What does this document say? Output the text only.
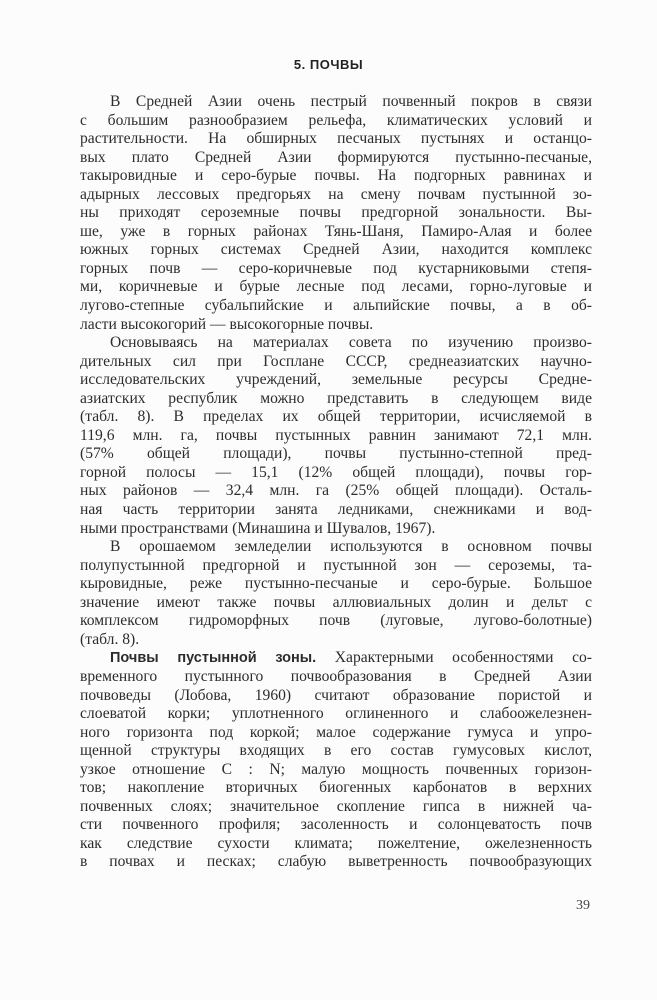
5. ПОЧВЫ
В Средней Азии очень пестрый почвенный покров в связи
с большим разнообразием рельефа, климатических условий и
растительности. На обширных песчаных пустынях и останцо-
вых плато Средней Азии формируются пустынно-песчаные,
такыровидные и серо-бурые почвы. На подгорных равнинах и
адырных лессовых предгорьях на смену почвам пустынной зо-
ны приходят сероземные почвы предгорной зональности. Вы-
ше, уже в горных районах Тянь-Шаня, Памиро-Алая и более
южных горных системах Средней Азии, находится комплекс
горных почв — серо-коричневые под кустарниковыми степя-
ми, коричневые и бурые лесные под лесами, горно-луговые и
лугово-степные субальпийские и альпийские почвы, а в об-
ласти высокогорий — высокогорные почвы.
Основываясь на материалах совета по изучению произво-
дительных сил при Госплане СССР, среднеазиатских научно-
исследовательских учреждений, земельные ресурсы Средне-
азиатских республик можно представить в следующем виде
(табл. 8). В пределах их общей территории, исчисляемой в
119,6 млн. га, почвы пустынных равнин занимают 72,1 млн.
(57% общей площади), почвы пустынно-степной пред-
горной полосы — 15,1 (12% общей площади), почвы гор-
ных районов — 32,4 млн. га (25% общей площади). Осталь-
ная часть территории занята ледниками, снежниками и вод-
ными пространствами (Минашина и Шувалов, 1967).
В орошаемом земледелии используются в основном почвы
полупустынной предгорной и пустынной зон — сероземы, та-
кыровидные, реже пустынно-песчаные и серо-бурые. Большое
значение имеют также почвы аллювиальных долин и дельт с
комплексом гидроморфных почв (луговые, лугово-болотные)
(табл. 8).
Почвы пустынной зоны. Характерными особенностями со-
временного пустынного почвообразования в Средней Азии
почвоведы (Лобова, 1960) считают образование пористой и
слоеватой корки; уплотненного оглиненного и слабоожелезнен-
ного горизонта под коркой; малое содержание гумуса и упро-
щенной структуры входящих в его состав гумусовых кислот,
узкое отношение C : N; малую мощность почвенных горизон-
тов; накопление вторичных биогенных карбонатов в верхних
почвенных слоях; значительное скопление гипса в нижней ча-
сти почвенного профиля; засоленность и солонцеватость почв
как следствие сухости климата; пожелтение, ожелезненность
в почвах и песках; слабую выветренность почвообразующих
39
